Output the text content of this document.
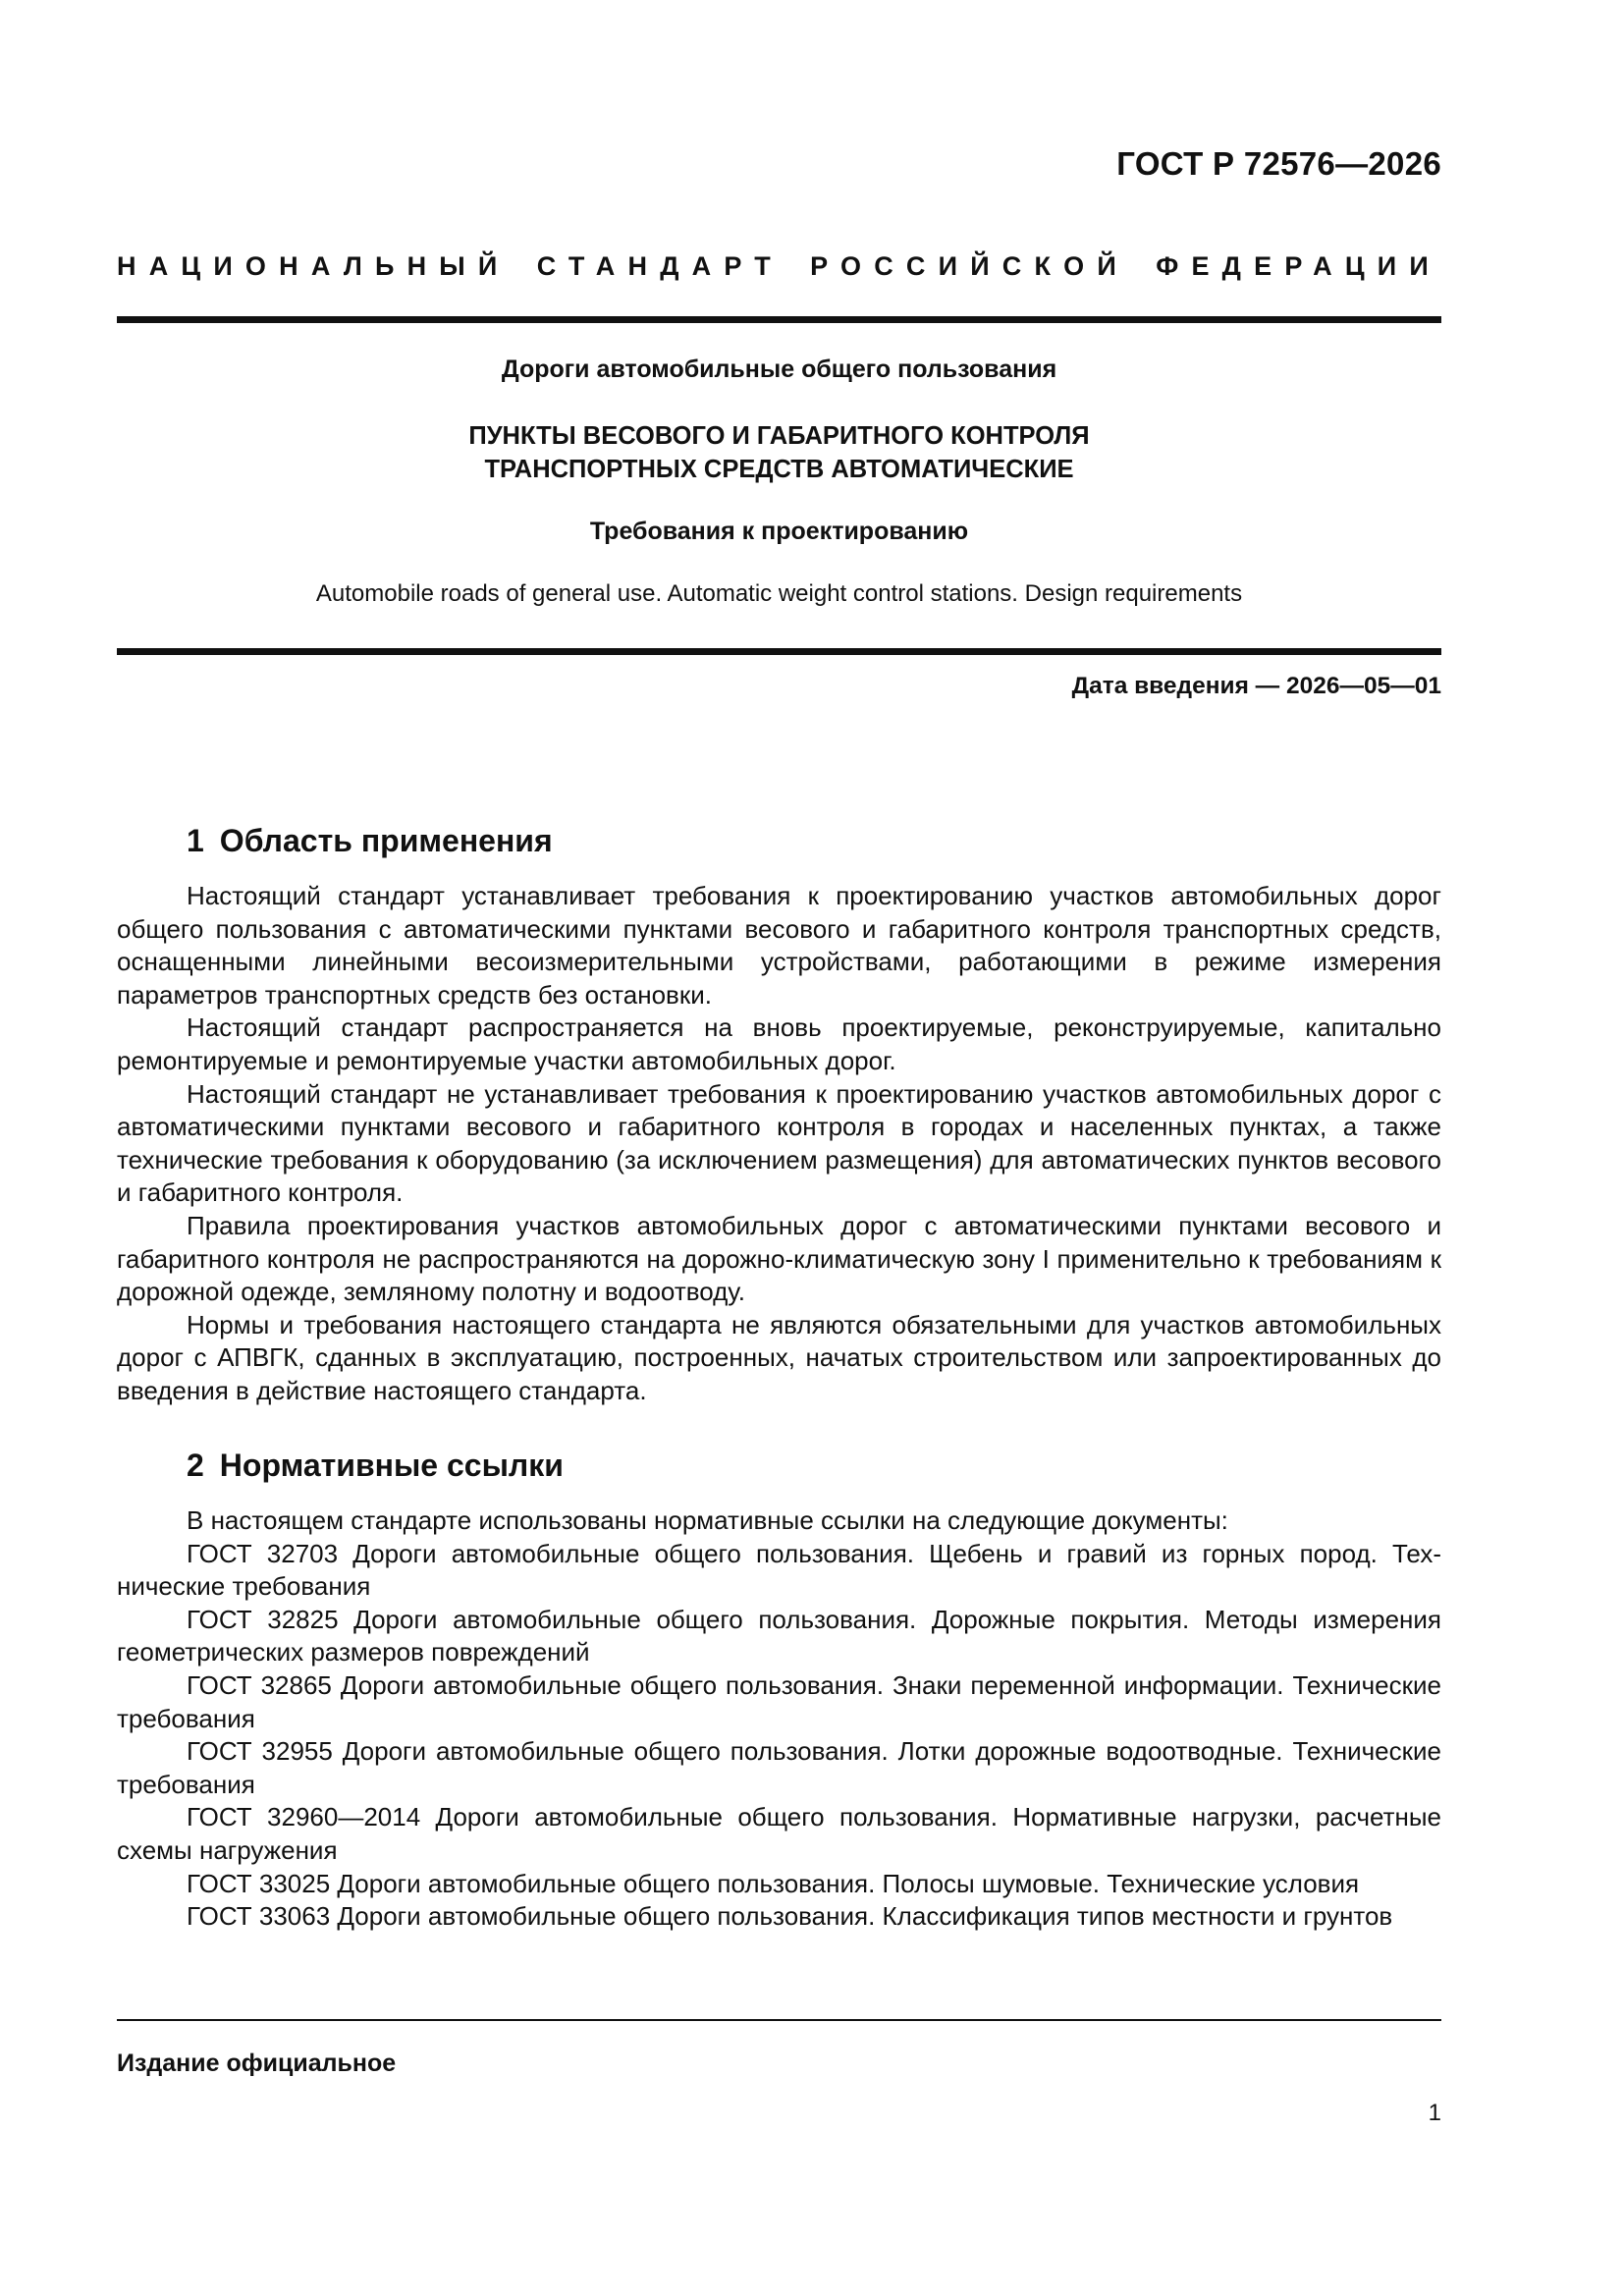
ГОСТ Р 72576—2026
НАЦИОНАЛЬНЫЙ СТАНДАРТ РОССИЙСКОЙ ФЕДЕРАЦИИ
Дороги автомобильные общего пользования
ПУНКТЫ ВЕСОВОГО И ГАБАРИТНОГО КОНТРОЛЯ
ТРАНСПОРТНЫХ СРЕДСТВ АВТОМАТИЧЕСКИЕ
Требования к проектированию
Automobile roads of general use. Automatic weight control stations. Design requirements
Дата введения — 2026—05—01
1 Область применения

Настоящий стандарт устанавливает требования к проектированию участков автомобильных дорог общего пользования с автоматическими пунктами весового и габаритного контроля транспортных средств, оснащенными линейными весоизмерительными устройствами, работающими в режиме измерения параметров транспортных средств без остановки.

Настоящий стандарт распространяется на вновь проектируемые, реконструируемые, капитально ремонтируемые и ремонтируемые участки автомобильных дорог.

Настоящий стандарт не устанавливает требования к проектированию участков автомобильных дорог с автоматическими пунктами весового и габаритного контроля в городах и населенных пунктах, а также технические требования к оборудованию (за исключением размещения) для автоматических пунктов весового и габаритного контроля.

Правила проектирования участков автомобильных дорог с автоматическими пунктами весового и габаритного контроля не распространяются на дорожно-климатическую зону I применительно к требованиям к дорожной одежде, земляному полотну и водоотводу.

Нормы и требования настоящего стандарта не являются обязательными для участков автомобильных дорог с АПВГК, сданных в эксплуатацию, построенных, начатых строительством или запроектированных до введения в действие настоящего стандарта.

2 Нормативные ссылки

В настоящем стандарте использованы нормативные ссылки на следующие документы:

ГОСТ 32703 Дороги автомобильные общего пользования. Щебень и гравий из горных пород. Технические требования

ГОСТ 32825 Дороги автомобильные общего пользования. Дорожные покрытия. Методы измерения геометрических размеров повреждений

ГОСТ 32865 Дороги автомобильные общего пользования. Знаки переменной информации. Технические требования

ГОСТ 32955 Дороги автомобильные общего пользования. Лотки дорожные водоотводные. Технические требования

ГОСТ 32960—2014 Дороги автомобильные общего пользования. Нормативные нагрузки, расчетные схемы нагружения

ГОСТ 33025 Дороги автомобильные общего пользования. Полосы шумовые. Технические условия

ГОСТ 33063 Дороги автомобильные общего пользования. Классификация типов местности и грунтов

Издание официальное
1
